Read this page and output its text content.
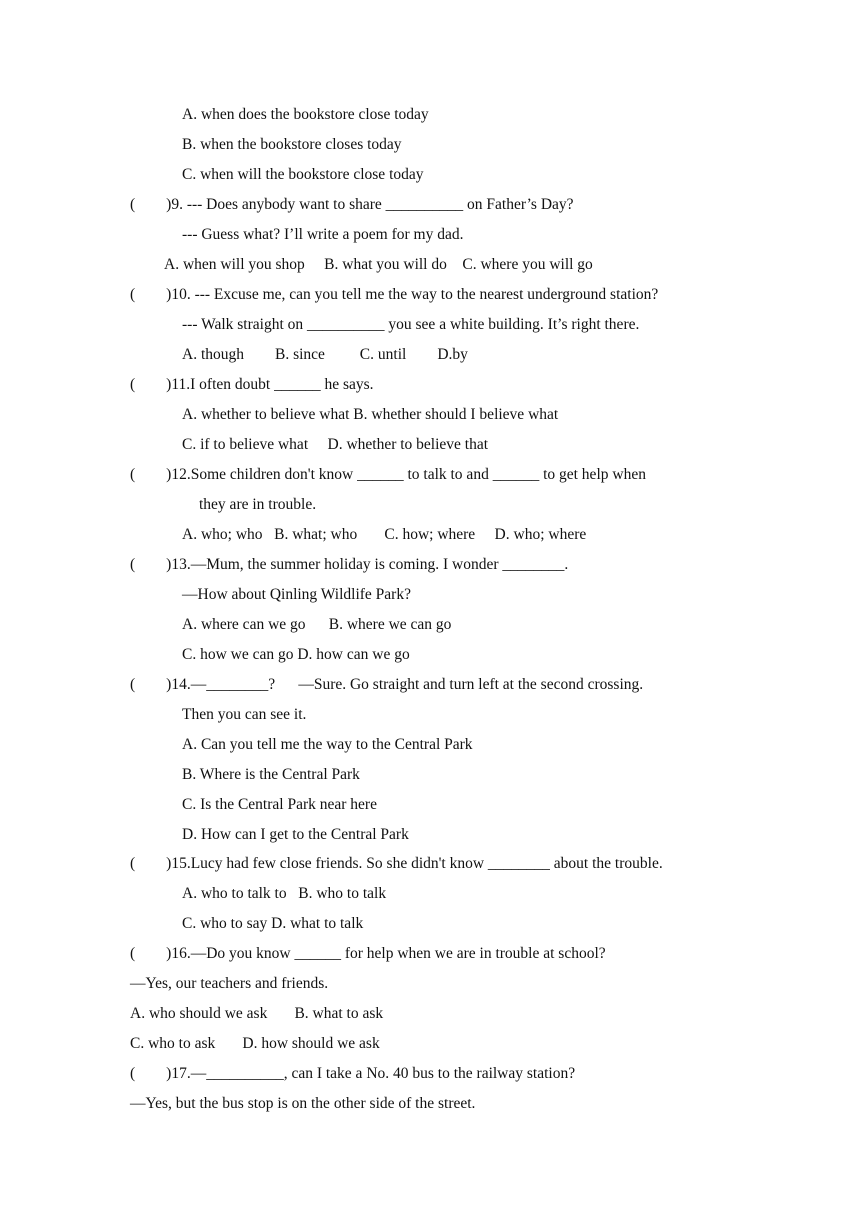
A. when does the bookstore close today
B. when the bookstore closes today
C. when will the bookstore close today
(        )9. --- Does anybody want to share __________ on Father’s Day?
--- Guess what? I’ll write a poem for my dad.
A. when will you shop     B. what you will do    C. where you will go
(        )10. --- Excuse me, can you tell me the way to the nearest underground station?
--- Walk straight on __________ you see a white building. It’s right there.
A. though        B. since         C. until        D.by
(        )11.I often doubt ______ he says.
A. whether to believe what B. whether should I believe what
C. if to believe what     D. whether to believe that
(        )12.Some children don't know ______ to talk to and ______ to get help when
they are in trouble.
A. who; who   B. what; who       C. how; where     D. who; where
(        )13.—Mum, the summer holiday is coming. I wonder ________.
—How about Qinling Wildlife Park?
A. where can we go      B. where we can go
C. how we can go D. how can we go
(        )14.—________?      —Sure. Go straight and turn left at the second crossing.
Then you can see it.
A. Can you tell me the way to the Central Park
B. Where is the Central Park
C. Is the Central Park near here
D. How can I get to the Central Park
(        )15.Lucy had few close friends. So she didn't know ________ about the trouble.
A. who to talk to   B. who to talk
C. who to say D. what to talk
(        )16.—Do you know ______ for help when we are in trouble at school?
—Yes, our teachers and friends.
A. who should we ask       B. what to ask
C. who to ask       D. how should we ask
(        )17.—__________, can I take a No. 40 bus to the railway station?
—Yes, but the bus stop is on the other side of the street.
